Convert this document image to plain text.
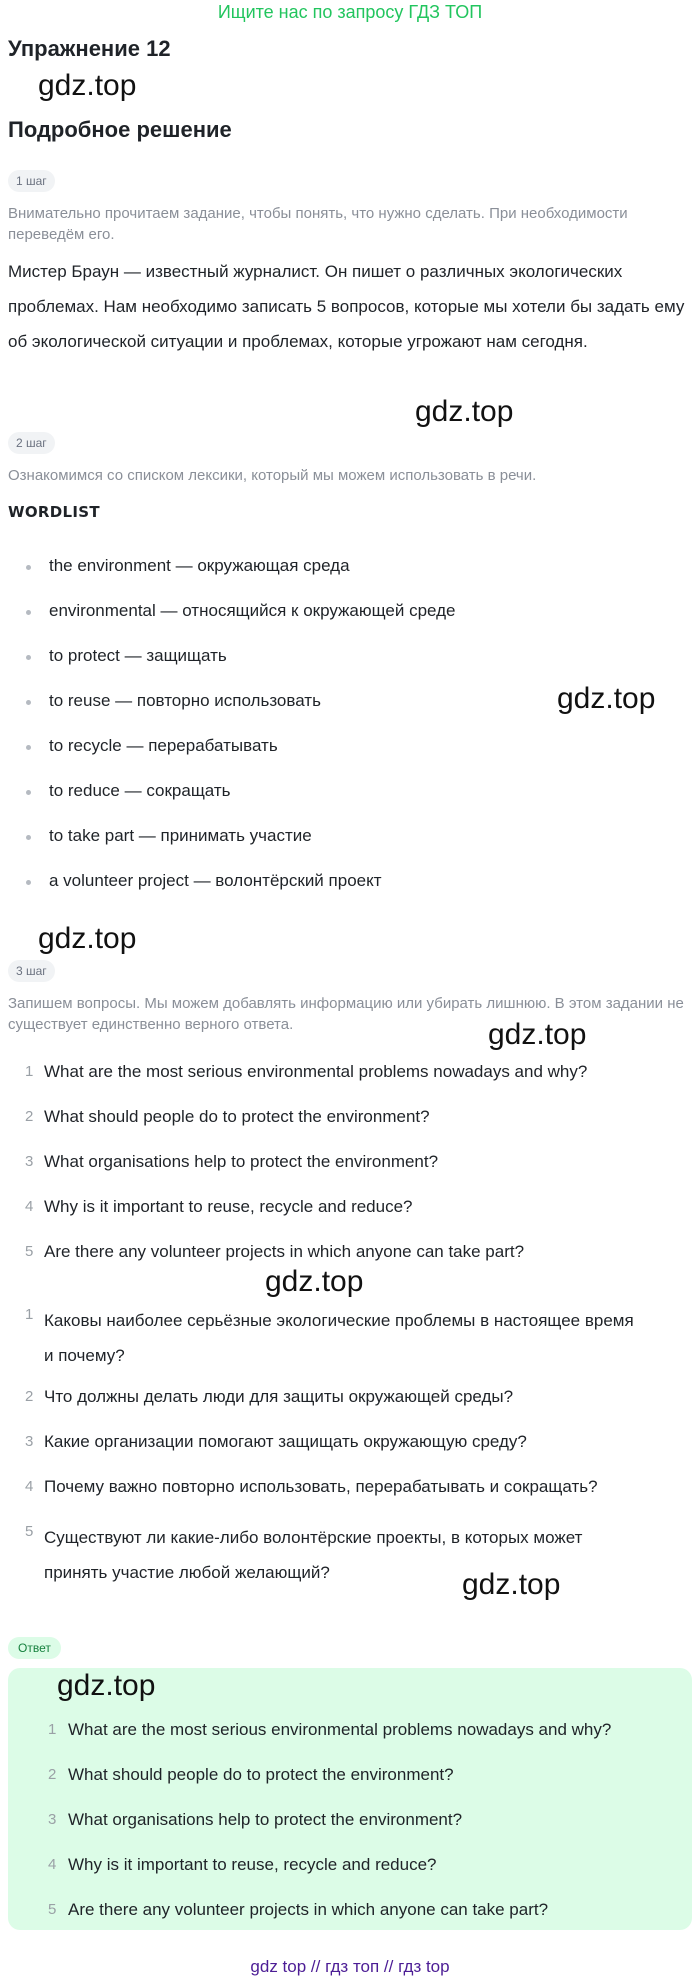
Ищите нас по запросу ГДЗ ТОП
Упражнение 12
gdz.top
Подробное решение
1 шаг
Внимательно прочитаем задание, чтобы понять, что нужно сделать. При необходимости переведём его.
Мистер Браун — известный журналист. Он пишет о различных экологических проблемах. Нам необходимо записать 5 вопросов, которые мы хотели бы задать ему об экологической ситуации и проблемах, которые угрожают нам сегодня.
gdz.top
2 шаг
Ознакомимся со списком лексики, который мы можем использовать в речи.
WORDLIST
the environment — окружающая среда
environmental — относящийся к окружающей среде
to protect — защищать
to reuse — повторно использовать
to recycle — перерабатывать
to reduce — сокращать
to take part — принимать участие
a volunteer project — волонтёрский проект
gdz.top
gdz.top
3 шаг
Запишем вопросы. Мы можем добавлять информацию или убирать лишнюю. В этом задании не существует единственно верного ответа.	gdz.top
1 What are the most serious environmental problems nowadays and why?
2 What should people do to protect the environment?
3 What organisations help to protect the environment?
4 Why is it important to reuse, recycle and reduce?
5 Are there any volunteer projects in which anyone can take part?
gdz.top
1 Каковы наиболее серьёзные экологические проблемы в настоящее время и почему?
2 Что должны делать люди для защиты окружающей среды?
3 Какие организации помогают защищать окружающую среду?
4 Почему важно повторно использовать, перерабатывать и сокращать?
5 Существуют ли какие-либо волонтёрские проекты, в которых может принять участие любой желающий?	gdz.top
Ответ
gdz.top
1 What are the most serious environmental problems nowadays and why?
2 What should people do to protect the environment?
3 What organisations help to protect the environment?
4 Why is it important to reuse, recycle and reduce?
5 Are there any volunteer projects in which anyone can take part?
gdz top // гдз топ // гдз top
